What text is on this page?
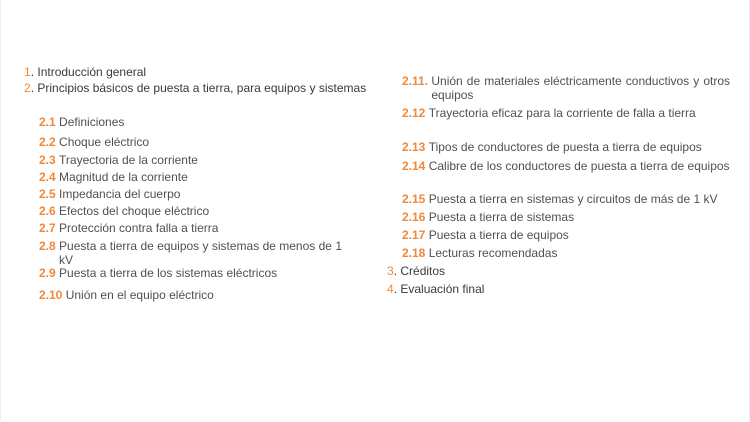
1 . Introducción general
2 . Principios básicos de puesta a tierra, para equipos y sistemas
2.1
Definiciones
2.2
Choque eléctrico
2.3
Trayectoria de la corriente
2.4
Magnitud de la corriente
2.5
Impedancia del cuerpo
2.6
Efectos del choque eléctrico
2.7
Protección contra falla a tierra
2.8
Puesta a tierra de equipos y sistemas de menos de 1 kV
2.9
Puesta a tierra de los sistemas eléctricos
2.10
Unión en el equipo eléctrico
2.11.
Unión de materiales eléctricamente conductivos y otros equipos
2.12
Trayectoria eficaz para la corriente de falla a tierra
2.13
Tipos de conductores de puesta a tierra de equipos
2.14
Calibre de los conductores de puesta a tierra de equipos
2.15
Puesta a tierra en sistemas y circuitos de más de 1 kV
2.16
Puesta a tierra de sistemas
2.17
Puesta a tierra de equipos
2.18
Lecturas recomendadas
3 . Créditos
4 . Evaluación final
